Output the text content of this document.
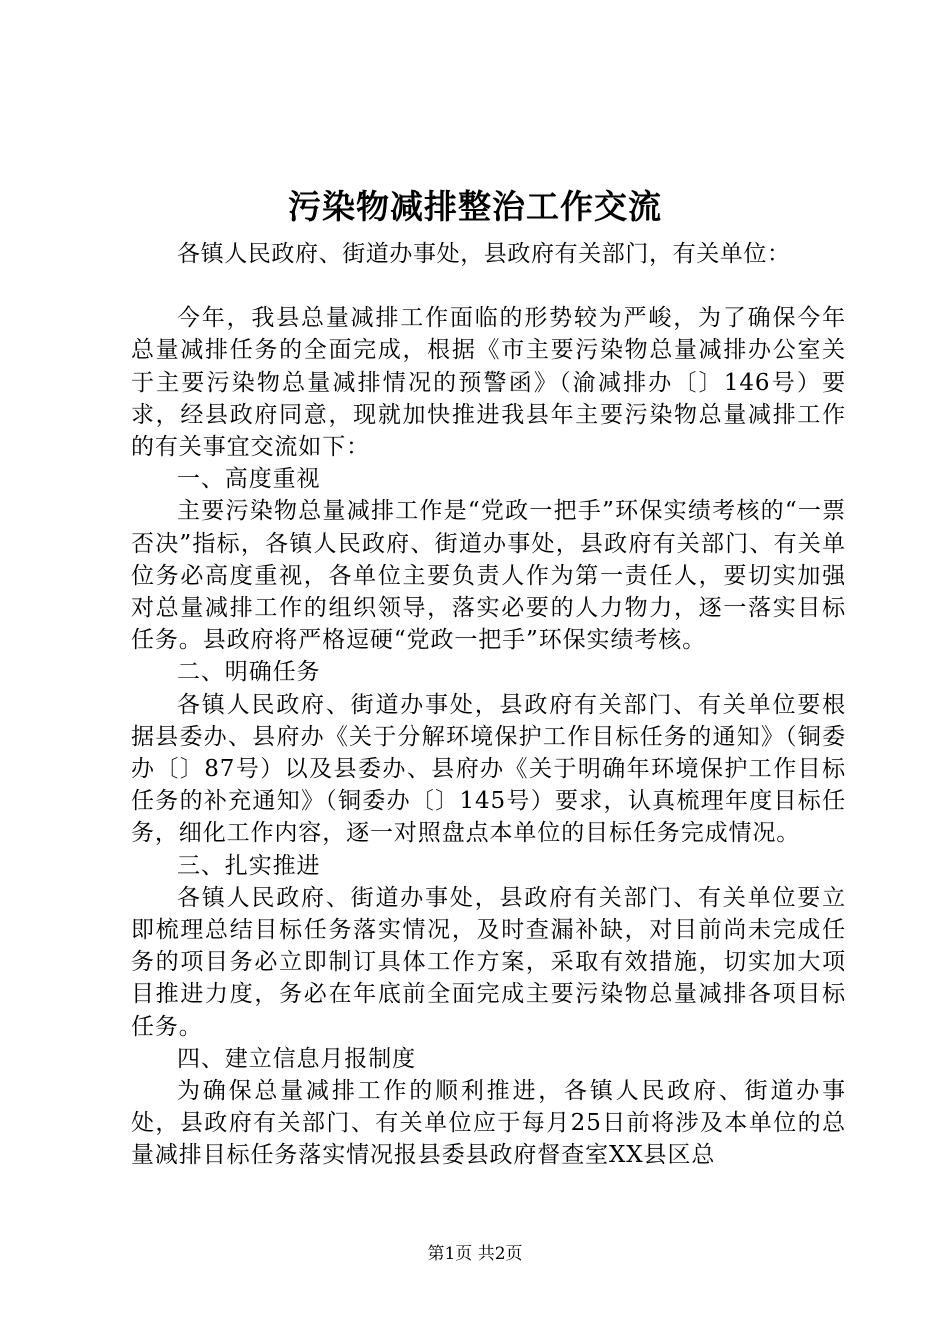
污染物减排整治工作交流

各镇人民政府、街道办事处，县政府有关部门，有关单位：

今年，我县总量减排工作面临的形势较为严峻，为了确保今年总量减排任务的全面完成，根据《市主要污染物总量减排办公室关于主要污染物总量减排情况的预警函》（渝减排办〔〕146号）要求，经县政府同意，现就加快推进我县年主要污染物总量减排工作的有关事宜交流如下：

一、高度重视

主要污染物总量减排工作是“党政一把手”环保实绩考核的“一票否决”指标，各镇人民政府、街道办事处，县政府有关部门、有关单位务必高度重视，各单位主要负责人作为第一责任人，要切实加强对总量减排工作的组织领导，落实必要的人力物力，逐一落实目标任务。县政府将严格逗硬“党政一把手”环保实绩考核。

二、明确任务

各镇人民政府、街道办事处，县政府有关部门、有关单位要根据县委办、县府办《关于分解环境保护工作目标任务的通知》（铜委办〔〕87号）以及县委办、县府办《关于明确年环境保护工作目标任务的补充通知》（铜委办〔〕145号）要求，认真梳理年度目标任务，细化工作内容，逐一对照盘点本单位的目标任务完成情况。

三、扎实推进

各镇人民政府、街道办事处，县政府有关部门、有关单位要立即梳理总结目标任务落实情况，及时查漏补缺，对目前尚未完成任务的项目务必立即制订具体工作方案，采取有效措施，切实加大项目推进力度，务必在年底前全面完成主要污染物总量减排各项目标任务。

四、建立信息月报制度

为确保总量减排工作的顺利推进，各镇人民政府、街道办事处，县政府有关部门、有关单位应于每月25日前将涉及本单位的总量减排目标任务落实情况报县委县政府督查室XX县区总

第1页 共2页
